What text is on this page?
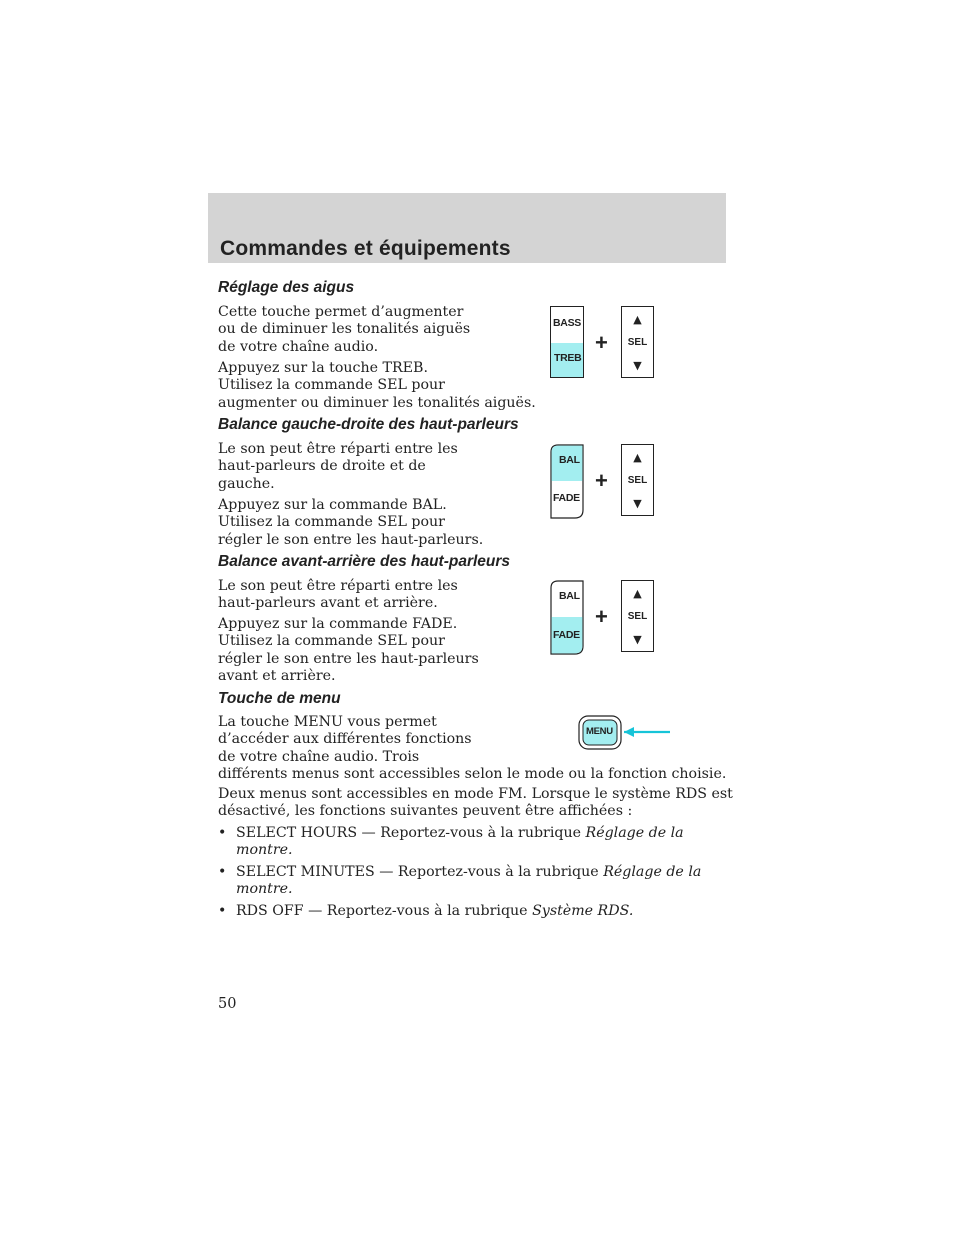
Commandes et équipements
Réglage des aigus
Cette touche permet d’augmenter
ou de diminuer les tonalités aiguës
de votre chaîne audio.
Appuyez sur la touche TREB.
Utilisez la commande SEL pour
augmenter ou diminuer les tonalités aiguës.
BASS
TREB
+
▲
SEL
▼
Balance gauche-droite des haut-parleurs
Le son peut être réparti entre les
haut-parleurs de droite et de
gauche.
Appuyez sur la commande BAL.
Utilisez la commande SEL pour
régler le son entre les haut-parleurs.
BAL
FADE
+
▲
SEL
▼
Balance avant-arrière des haut-parleurs
Le son peut être réparti entre les
haut-parleurs avant et arrière.
Appuyez sur la commande FADE.
Utilisez la commande SEL pour
régler le son entre les haut-parleurs
avant et arrière.
BAL
FADE
+
▲
SEL
▼
Touche de menu
La touche MENU vous permet
d’accéder aux différentes fonctions
de votre chaîne audio. Trois
différents menus sont accessibles selon le mode ou la fonction choisie.
MENU
Deux menus sont accessibles en mode FM. Lorsque le système RDS est
désactivé, les fonctions suivantes peuvent être affichées :
• SELECT HOURS — Reportez-vous à la rubrique Réglage de la
montre.
• SELECT MINUTES — Reportez-vous à la rubrique Réglage de la
montre.
• RDS OFF — Reportez-vous à la rubrique Système RDS.
50
